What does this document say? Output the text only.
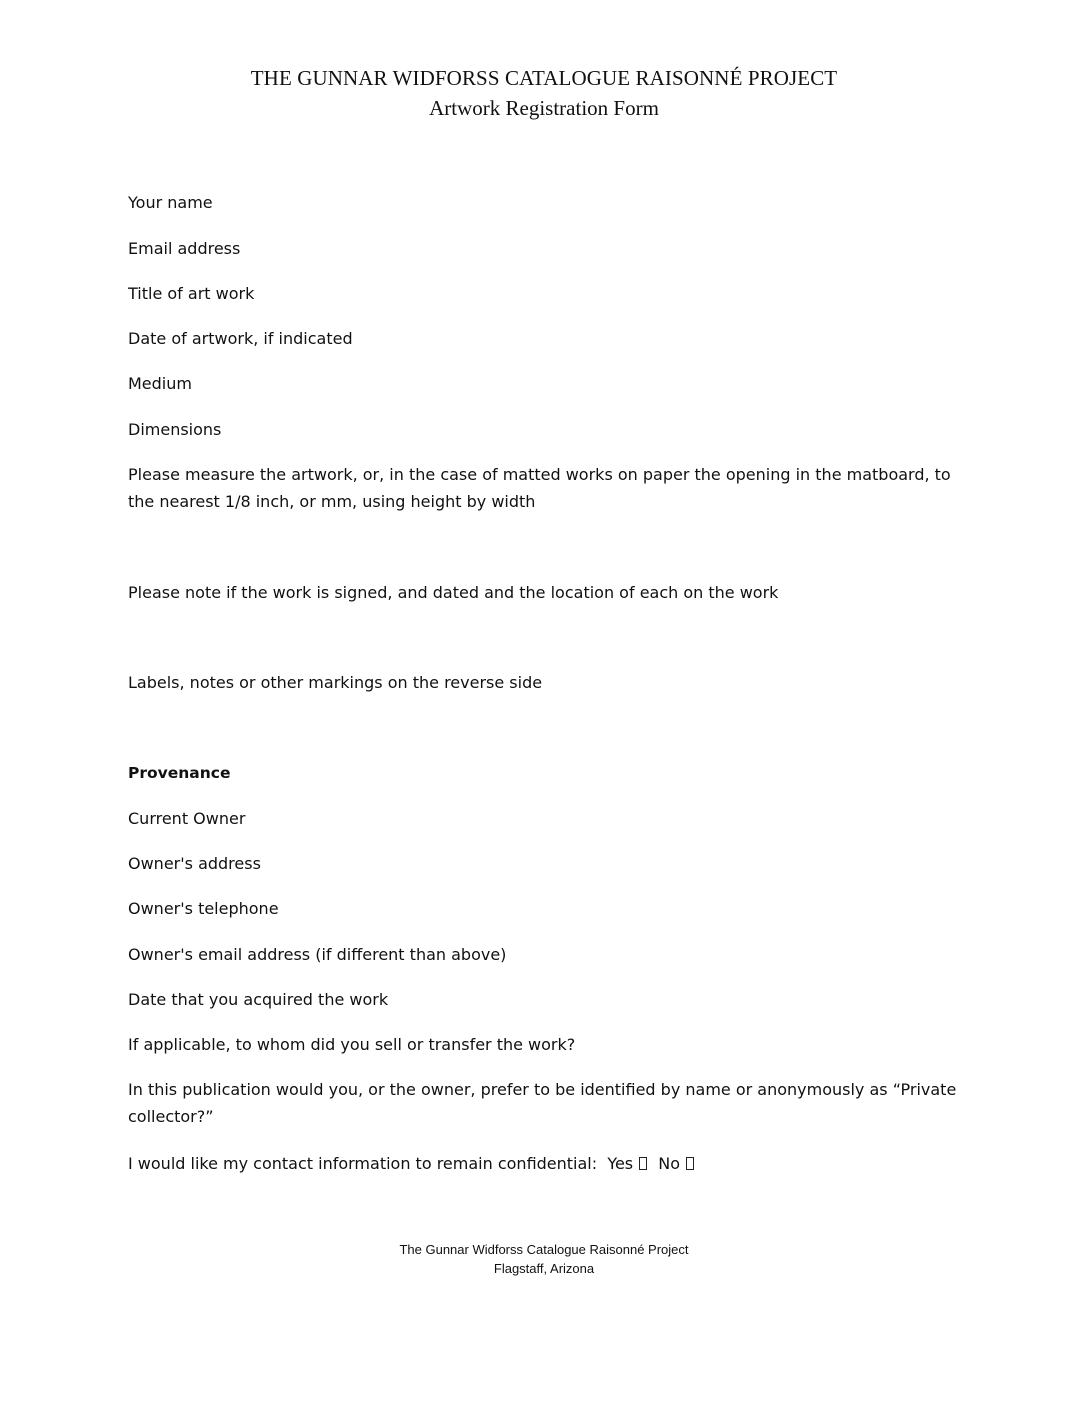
THE GUNNAR WIDFORSS CATALOGUE RAISONNÉ PROJECT
Artwork Registration Form
Your name
Email address
Title of art work
Date of artwork, if indicated
Medium
Dimensions
Please measure the artwork, or, in the case of matted works on paper the opening in the matboard, to the nearest 1/8 inch, or mm, using height by width
Please note if the work is signed, and dated and the location of each on the work
Labels, notes or other markings on the reverse side
Provenance
Current Owner
Owner's address
Owner's telephone
Owner's email address (if different than above)
Date that you acquired the work
If applicable, to whom did you sell or transfer the work?
In this publication would you, or the owner, prefer to be identified by name or anonymously as “Private collector?”
I would like my contact information to remain confidential: Yes No
The Gunnar Widforss Catalogue Raisonné Project
Flagstaff, Arizona
